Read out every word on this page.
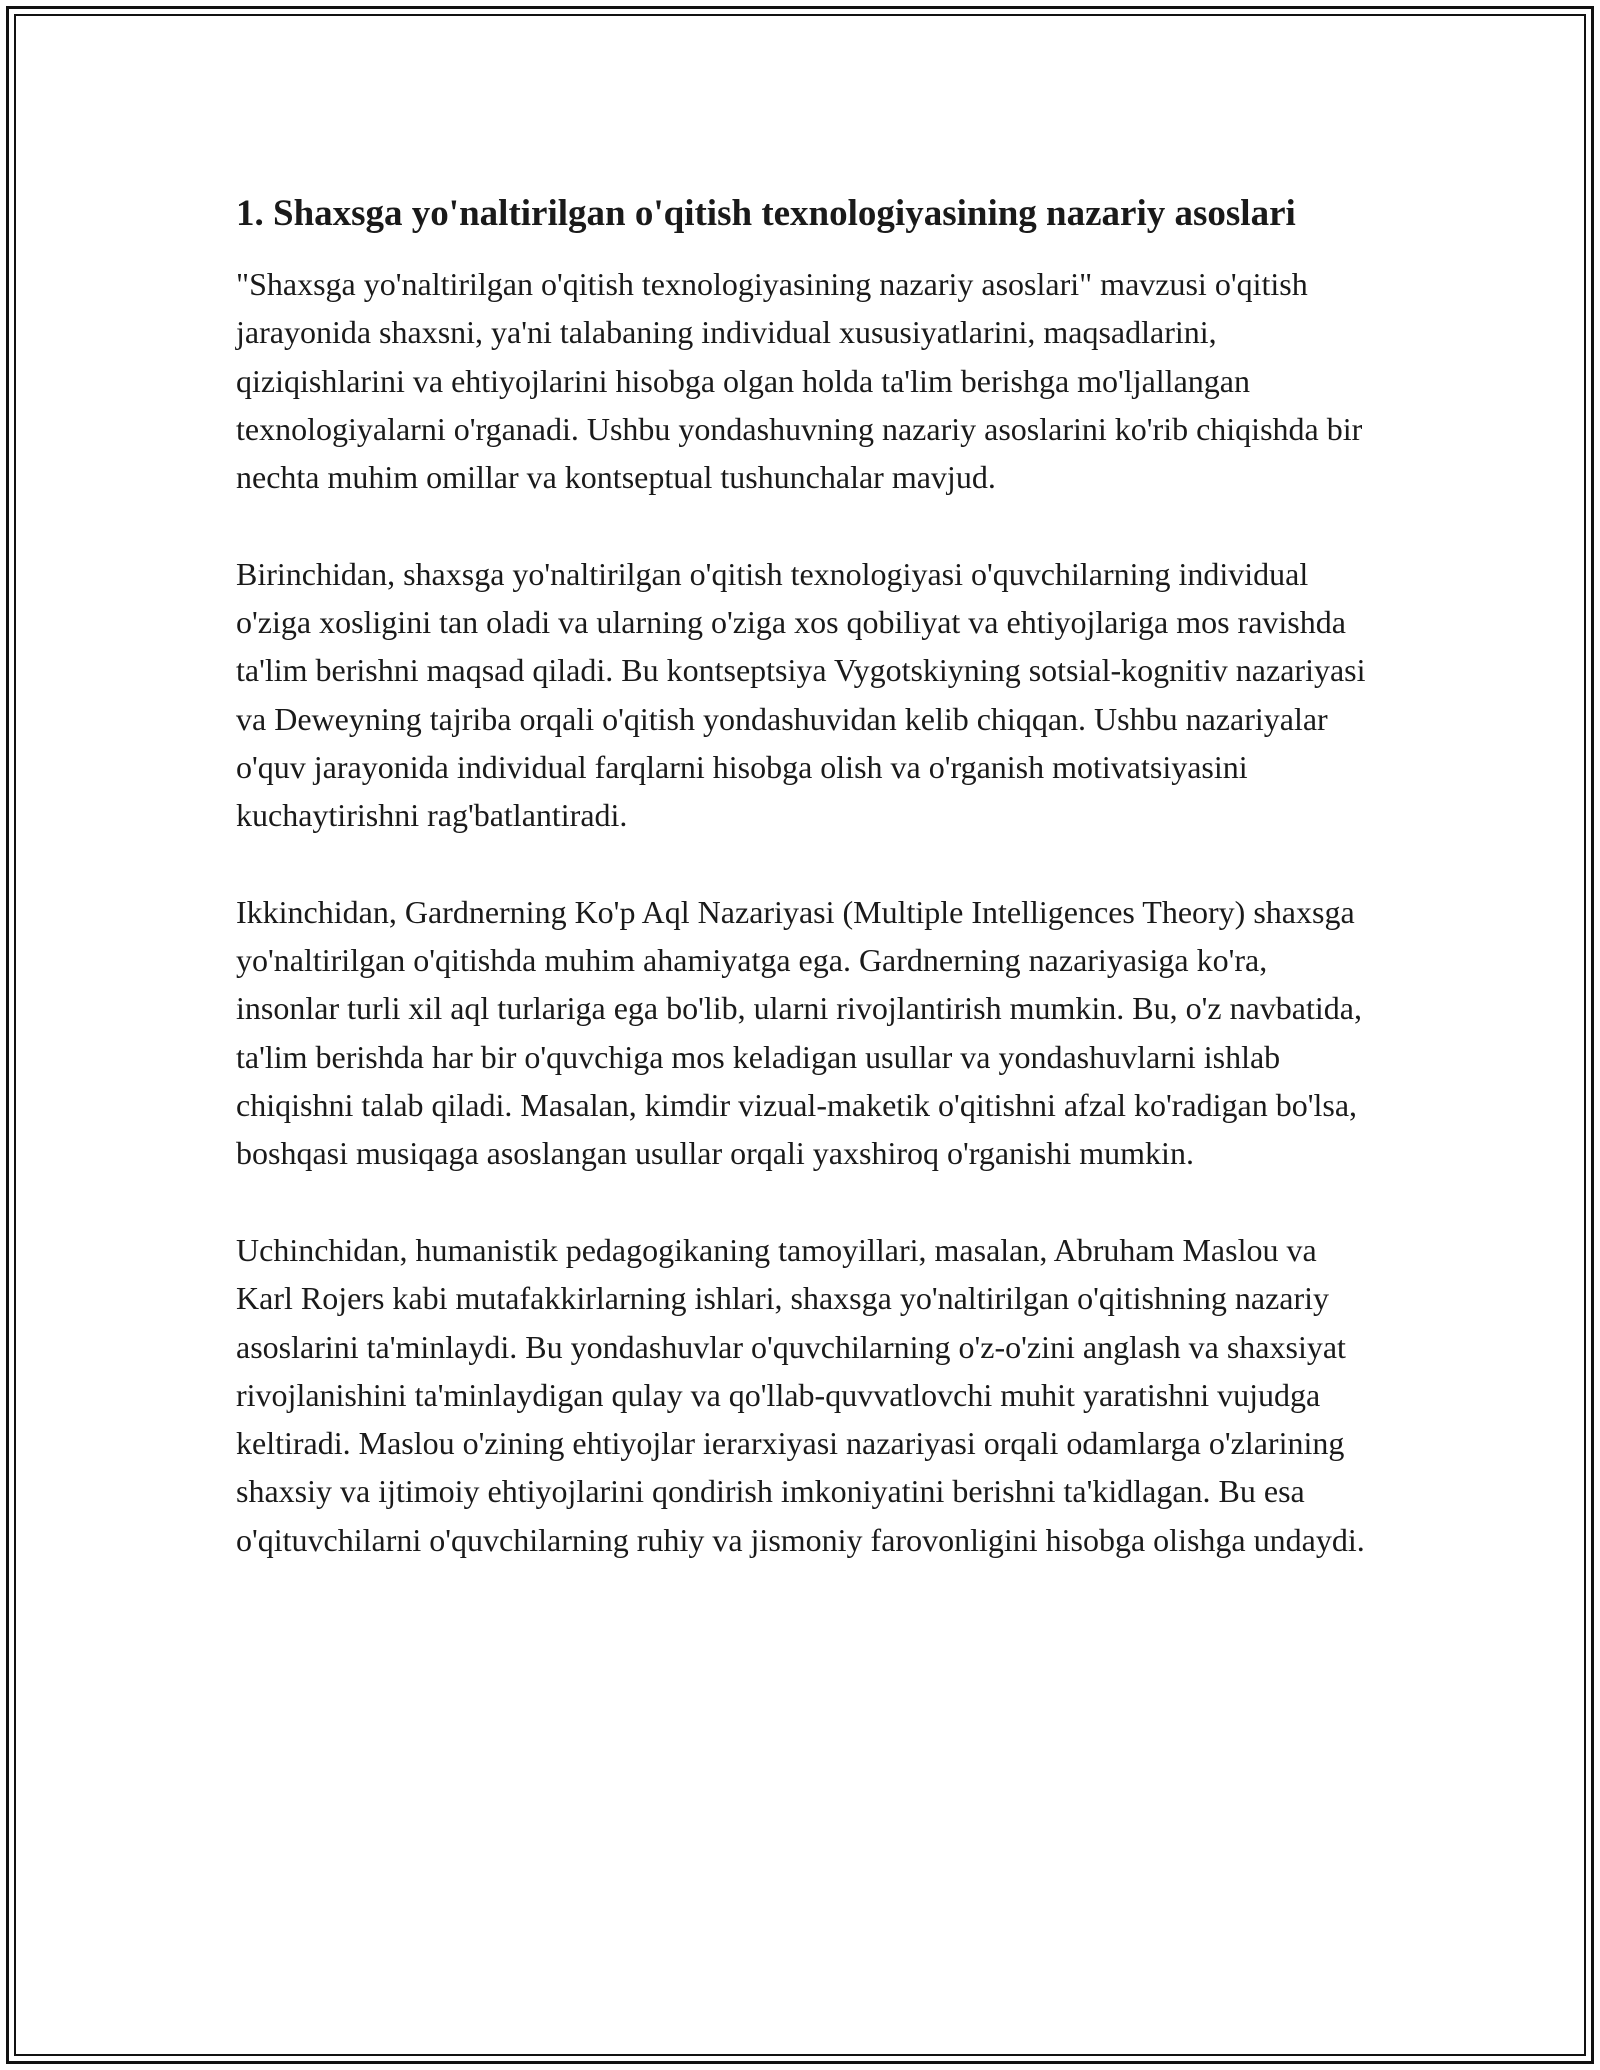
1. Shaxsga yo'naltirilgan o'qitish texnologiyasining nazariy asoslari

"Shaxsga yo'naltirilgan o'qitish texnologiyasining nazariy asoslari" mavzusi o'qitish jarayonida shaxsni, ya'ni talabaning individual xususiyatlarini, maqsadlarini, qiziqishlarini va ehtiyojlarini hisobga olgan holda ta'lim berishga mo'ljallangan texnologiyalarni o'rganadi. Ushbu yondashuvning nazariy asoslarini ko'rib chiqishda bir nechta muhim omillar va kontseptual tushunchalar mavjud.

Birinchidan, shaxsga yo'naltirilgan o'qitish texnologiyasi o'quvchilarning individual o'ziga xosligini tan oladi va ularning o'ziga xos qobiliyat va ehtiyojlariga mos ravishda ta'lim berishni maqsad qiladi. Bu kontseptsiya Vygotskiyning sotsial-kognitiv nazariyasi va Deweyning tajriba orqali o'qitish yondashuvidan kelib chiqqan. Ushbu nazariyalar o'quv jarayonida individual farqlarni hisobga olish va o'rganish motivatsiyasini kuchaytirishni rag'batlantiradi.

Ikkinchidan, Gardnerning Ko'p Aql Nazariyasi (Multiple Intelligences Theory) shaxsga yo'naltirilgan o'qitishda muhim ahamiyatga ega. Gardnerning nazariyasiga ko'ra, insonlar turli xil aql turlariga ega bo'lib, ularni rivojlantirish mumkin. Bu, o'z navbatida, ta'lim berishda har bir o'quvchiga mos keladigan usullar va yondashuvlarni ishlab chiqishni talab qiladi. Masalan, kimdir vizual-maketik o'qitishni afzal ko'radigan bo'lsa, boshqasi musiqaga asoslangan usullar orqali yaxshiroq o'rganishi mumkin.

Uchinchidan, humanistik pedagogikaning tamoyillari, masalan, Abruham Maslou va Karl Rojers kabi mutafakkirlarning ishlari, shaxsga yo'naltirilgan o'qitishning nazariy asoslarini ta'minlaydi. Bu yondashuvlar o'quvchilarning o'z-o'zini anglash va shaxsiyat rivojlanishini ta'minlaydigan qulay va qo'llab-quvvatlovchi muhit yaratishni vujudga keltiradi. Maslou o'zining ehtiyojlar ierarxiyasi nazariyasi orqali odamlarga o'zlarining shaxsiy va ijtimoiy ehtiyojlarini qondirish imkoniyatini berishni ta'kidlagan. Bu esa o'qituvchilarni o'quvchilarning ruhiy va jismoniy farovonligini hisobga olishga undaydi.
